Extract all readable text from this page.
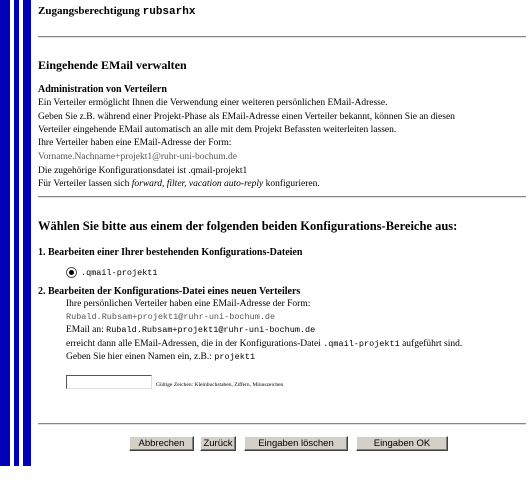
Zugangsberechtigung rubsarhx
Eingehende EMail verwalten
Administration von Verteilern
Ein Verteiler ermöglicht Ihnen die Verwendung einer weiteren persönlichen EMail-Adresse.
Geben Sie z.B. während einer Projekt-Phase als EMail-Adresse einen Verteiler bekannt, können Sie an diesen
Verteiler eingehende EMail automatisch an alle mit dem Projekt Befassten weiterleiten lassen.
Ihre Verteiler haben eine EMail-Adresse der Form:
Vorname.Nachname+projekt1@ruhr-uni-bochum.de
Die zugehörige Konfigurationsdatei ist .qmail-projekt1
Für Verteiler lassen sich forward, filter, vacation auto-reply konfigurieren.
Wählen Sie bitte aus einem der folgenden beiden Konfigurations-Bereiche aus:
1. Bearbeiten einer Ihrer bestehenden Konfigurations-Dateien
.qmail-projekt1
2. Bearbeiten der Konfigurations-Datei eines neuen Verteilers
Ihre persönlichen Verteiler haben eine EMail-Adresse der Form:
Rubald.Rubsam+projekt1@ruhr-uni-bochum.de
EMail an: Rubald.Rubsam+projekt1@ruhr-uni-bochum.de
erreicht dann alle EMail-Adressen, die in der Konfigurations-Datei .qmail-projekt1 aufgeführt sind.
Geben Sie hier einen Namen ein, z.B.: projekt1
Gültige Zeichen: Kleinbuchstaben, Ziffern, Minuszeichen
Abbrechen	Zurück	Eingaben löschen	Eingaben OK
